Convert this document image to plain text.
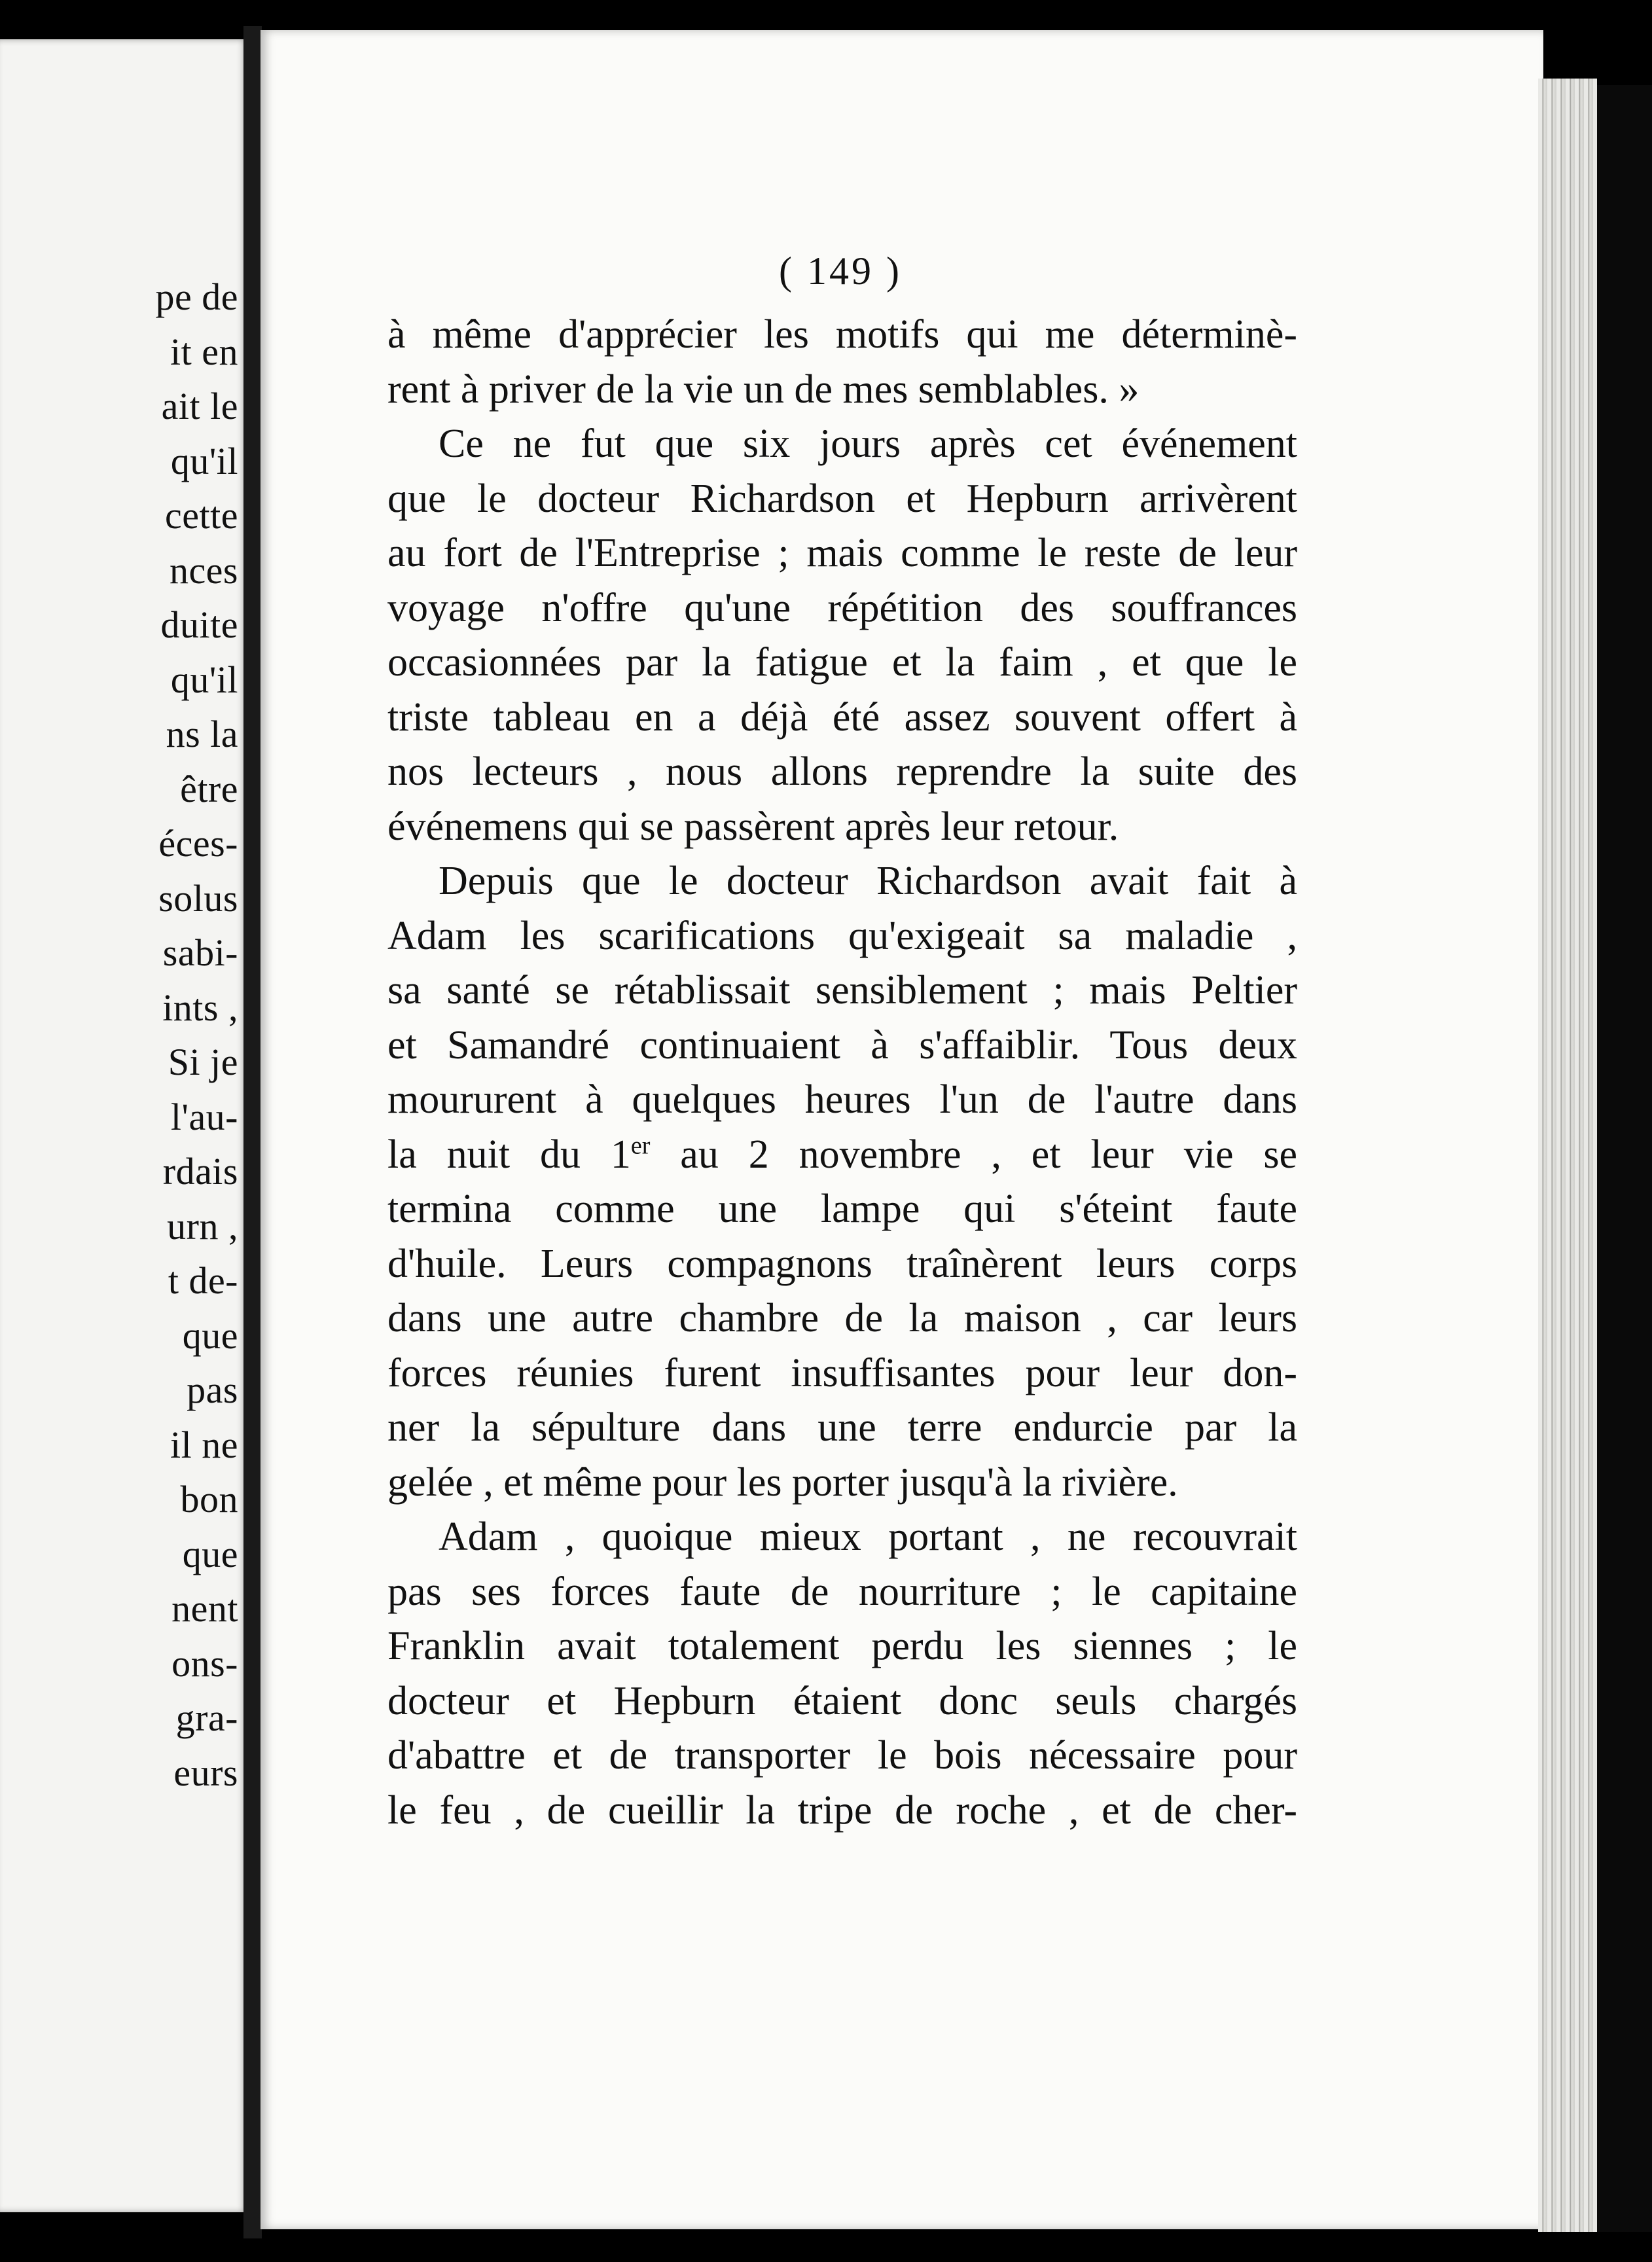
pe de
it en
ait le
qu'il
cette
nces
duite
qu'il
ns la
être
éces-
solus
sabi-
ints ,
Si je
l'au-
rdais
urn ,
t de-
que
pas
il ne
bon
que
nent
ons-
gra-
eurs
( 149 )
à même d'apprécier les motifs qui me déterminè-
rent à priver de la vie un de mes semblables. »
Ce ne fut que six jours après cet événement
que le docteur Richardson et Hepburn arrivèrent
au fort de l'Entreprise ; mais comme le reste de leur
voyage n'offre qu'une répétition des souffrances
occasionnées par la fatigue et la faim , et que le
triste tableau en a déjà été assez souvent offert à
nos lecteurs , nous allons reprendre la suite des
événemens qui se passèrent après leur retour.
Depuis que le docteur Richardson avait fait à
Adam les scarifications qu'exigeait sa maladie ,
sa santé se rétablissait sensiblement ; mais Peltier
et Samandré continuaient à s'affaiblir. Tous deux
moururent à quelques heures l'un de l'autre dans
la nuit du 1er au 2 novembre , et leur vie se
termina comme une lampe qui s'éteint faute
d'huile. Leurs compagnons traînèrent leurs corps
dans une autre chambre de la maison , car leurs
forces réunies furent insuffisantes pour leur don-
ner la sépulture dans une terre endurcie par la
gelée , et même pour les porter jusqu'à la rivière.
Adam , quoique mieux portant , ne recouvrait
pas ses forces faute de nourriture ; le capitaine
Franklin avait totalement perdu les siennes ; le
docteur et Hepburn étaient donc seuls chargés
d'abattre et de transporter le bois nécessaire pour
le feu , de cueillir la tripe de roche , et de cher-
